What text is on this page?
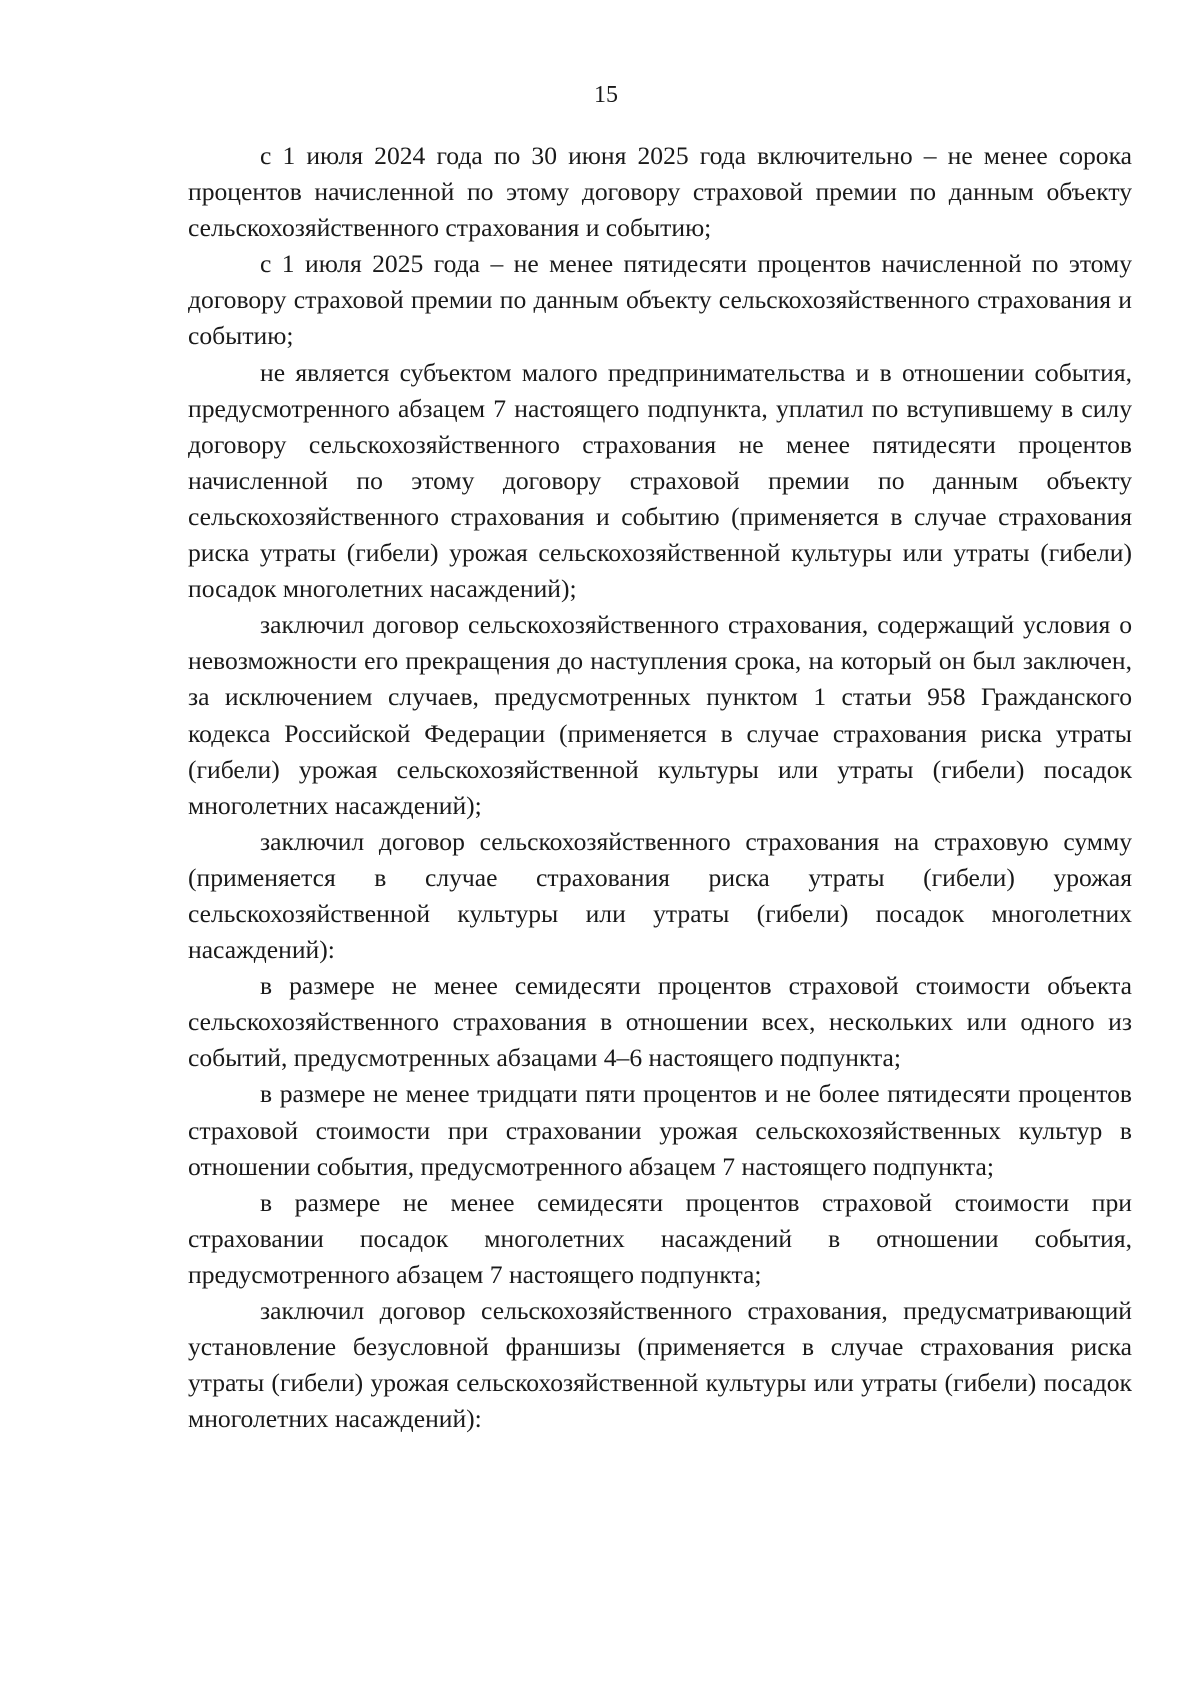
15

с 1 июля 2024 года по 30 июня 2025 года включительно – не менее сорока процентов начисленной по этому договору страховой премии по данным объекту сельскохозяйственного страхования и событию;

с 1 июля 2025 года – не менее пятидесяти процентов начисленной по этому договору страховой премии по данным объекту сельскохозяйственного страхования и событию;

не является субъектом малого предпринимательства и в отношении события, предусмотренного абзацем 7 настоящего подпункта, уплатил по вступившему в силу договору сельскохозяйственного страхования не менее пятидесяти процентов начисленной по этому договору страховой премии по данным объекту сельскохозяйственного страхования и событию (применяется в случае страхования риска утраты (гибели) урожая сельскохозяйственной культуры или утраты (гибели) посадок многолетних насаждений);

заключил договор сельскохозяйственного страхования, содержащий условия о невозможности его прекращения до наступления срока, на который он был заключен, за исключением случаев, предусмотренных пунктом 1 статьи 958 Гражданского кодекса Российской Федерации (применяется в случае страхования риска утраты (гибели) урожая сельскохозяйственной культуры или утраты (гибели) посадок многолетних насаждений);

заключил договор сельскохозяйственного страхования на страховую сумму (применяется в случае страхования риска утраты (гибели) урожая сельскохозяйственной культуры или утраты (гибели) посадок многолетних насаждений):

в размере не менее семидесяти процентов страховой стоимости объекта сельскохозяйственного страхования в отношении всех, нескольких или одного из событий, предусмотренных абзацами 4–6 настоящего подпункта;

в размере не менее тридцати пяти процентов и не более пятидесяти процентов страховой стоимости при страховании урожая сельскохозяйственных культур в отношении события, предусмотренного абзацем 7 настоящего подпункта;

в размере не менее семидесяти процентов страховой стоимости при страховании посадок многолетних насаждений в отношении события, предусмотренного абзацем 7 настоящего подпункта;

заключил договор сельскохозяйственного страхования, предусматривающий установление безусловной франшизы (применяется в случае страхования риска утраты (гибели) урожая сельскохозяйственной культуры или утраты (гибели) посадок многолетних насаждений):
